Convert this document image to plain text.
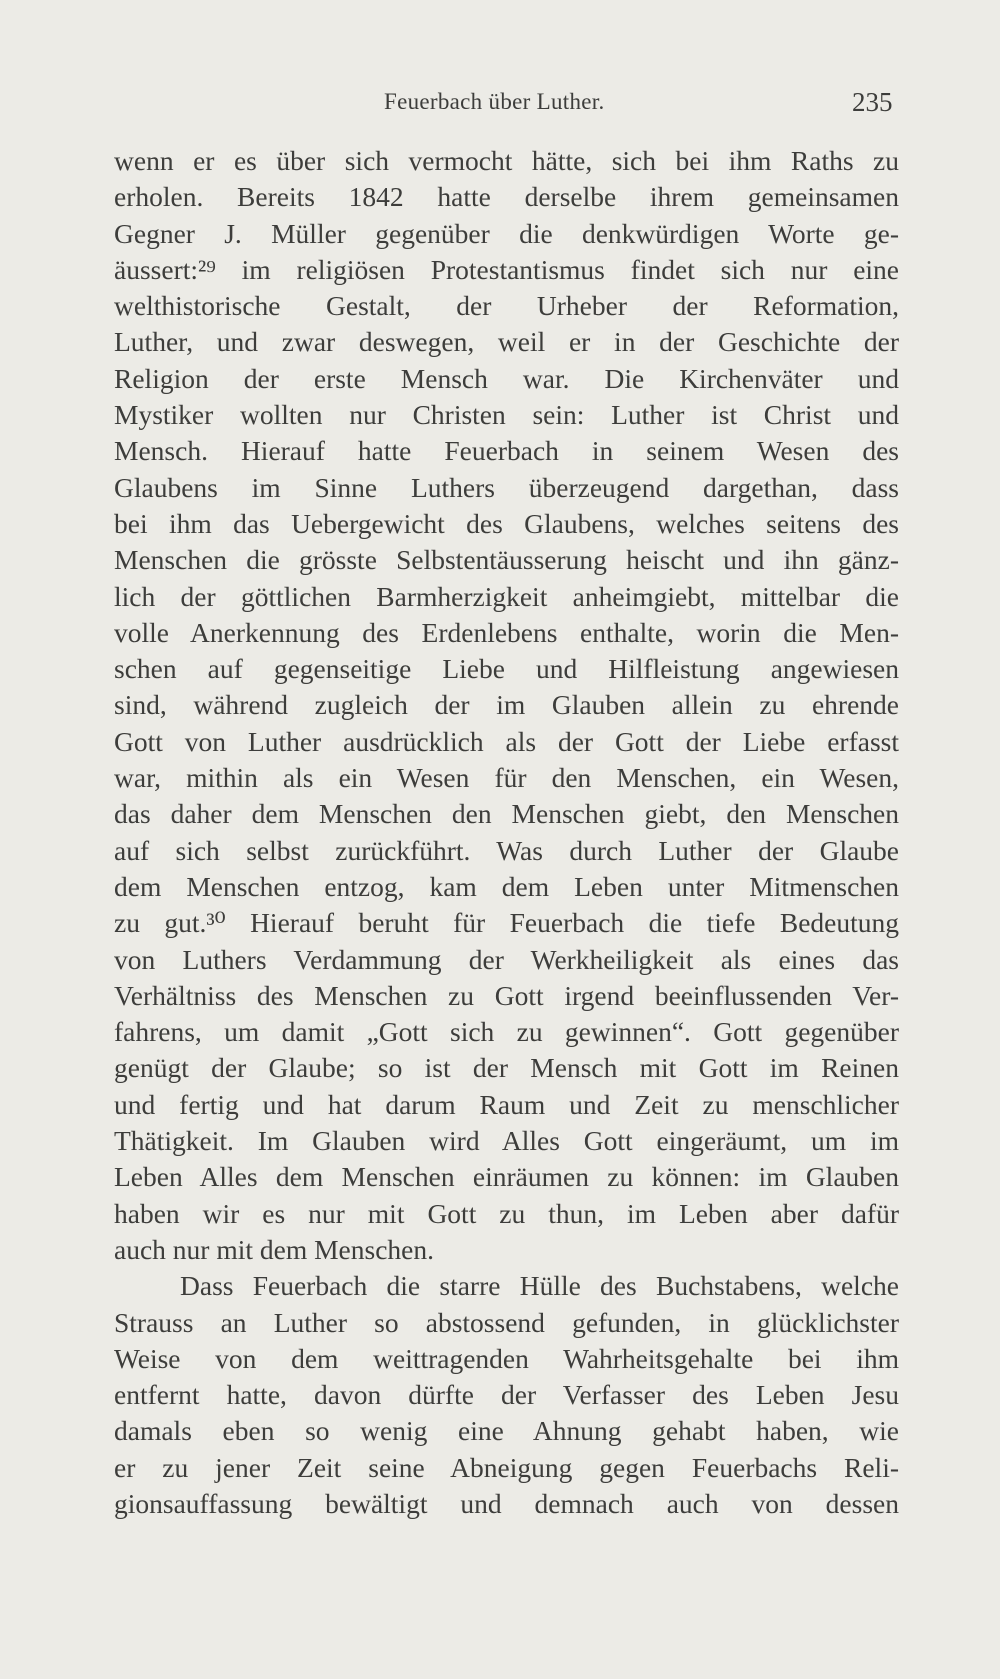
Feuerbach über Luther.	235
wenn er es über sich vermocht hätte, sich bei ihm Raths zu
erholen. Bereits 1842 hatte derselbe ihrem gemeinsamen
Gegner J. Müller gegenüber die denkwürdigen Worte ge-
äussert:²⁹ im religiösen Protestantismus findet sich nur eine
welthistorische Gestalt, der Urheber der Reformation,
Luther, und zwar deswegen, weil er in der Geschichte der
Religion der erste Mensch war. Die Kirchenväter und
Mystiker wollten nur Christen sein: Luther ist Christ und
Mensch. Hierauf hatte Feuerbach in seinem Wesen des
Glaubens im Sinne Luthers überzeugend dargethan, dass
bei ihm das Uebergewicht des Glaubens, welches seitens des
Menschen die grösste Selbstentäusserung heischt und ihn gänz-
lich der göttlichen Barmherzigkeit anheimgiebt, mittelbar die
volle Anerkennung des Erdenlebens enthalte, worin die Men-
schen auf gegenseitige Liebe und Hilfleistung angewiesen
sind, während zugleich der im Glauben allein zu ehrende
Gott von Luther ausdrücklich als der Gott der Liebe erfasst
war, mithin als ein Wesen für den Menschen, ein Wesen,
das daher dem Menschen den Menschen giebt, den Menschen
auf sich selbst zurückführt. Was durch Luther der Glaube
dem Menschen entzog, kam dem Leben unter Mitmenschen
zu gut.³⁰ Hierauf beruht für Feuerbach die tiefe Bedeutung
von Luthers Verdammung der Werkheiligkeit als eines das
Verhältniss des Menschen zu Gott irgend beeinflussenden Ver-
fahrens, um damit „Gott sich zu gewinnen“. Gott gegenüber
genügt der Glaube; so ist der Mensch mit Gott im Reinen
und fertig und hat darum Raum und Zeit zu menschlicher
Thätigkeit. Im Glauben wird Alles Gott eingeräumt, um im
Leben Alles dem Menschen einräumen zu können: im Glauben
haben wir es nur mit Gott zu thun, im Leben aber dafür
auch nur mit dem Menschen.
Dass Feuerbach die starre Hülle des Buchstabens, welche
Strauss an Luther so abstossend gefunden, in glücklichster
Weise von dem weittragenden Wahrheitsgehalte bei ihm
entfernt hatte, davon dürfte der Verfasser des Leben Jesu
damals eben so wenig eine Ahnung gehabt haben, wie
er zu jener Zeit seine Abneigung gegen Feuerbachs Reli-
gionsauffassung bewältigt und demnach auch von dessen
